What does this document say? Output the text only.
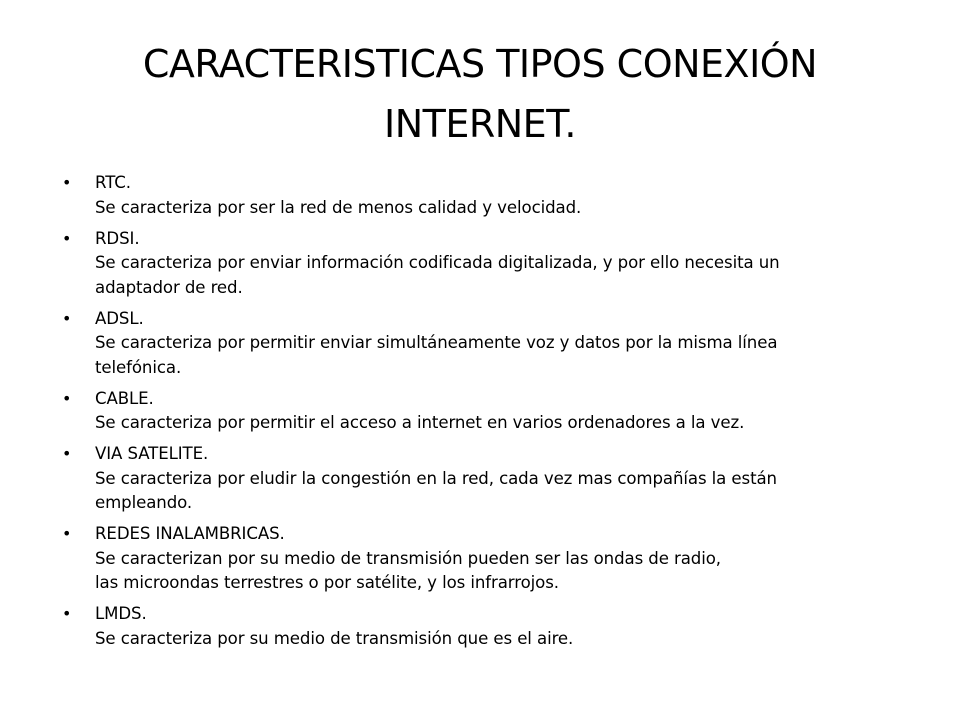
CARACTERISTICAS TIPOS CONEXIÓN INTERNET.
• RTC.
Se caracteriza por ser la red de menos calidad y velocidad.
• RDSI.
Se caracteriza por enviar información codificada digitalizada, y por ello necesita un
adaptador de red.
• ADSL.
Se caracteriza por permitir enviar simultáneamente voz y datos por la misma línea
telefónica.
• CABLE.
Se caracteriza por permitir el acceso a internet en varios ordenadores a la vez.
• VIA SATELITE.
Se caracteriza por eludir la congestión en la red, cada vez mas compañías la están
empleando.
• REDES INALAMBRICAS.
Se caracterizan por su medio de transmisión pueden ser las ondas de radio,
las microondas terrestres o por satélite, y los infrarrojos.
• LMDS.
Se caracteriza por su medio de transmisión que es el aire.
